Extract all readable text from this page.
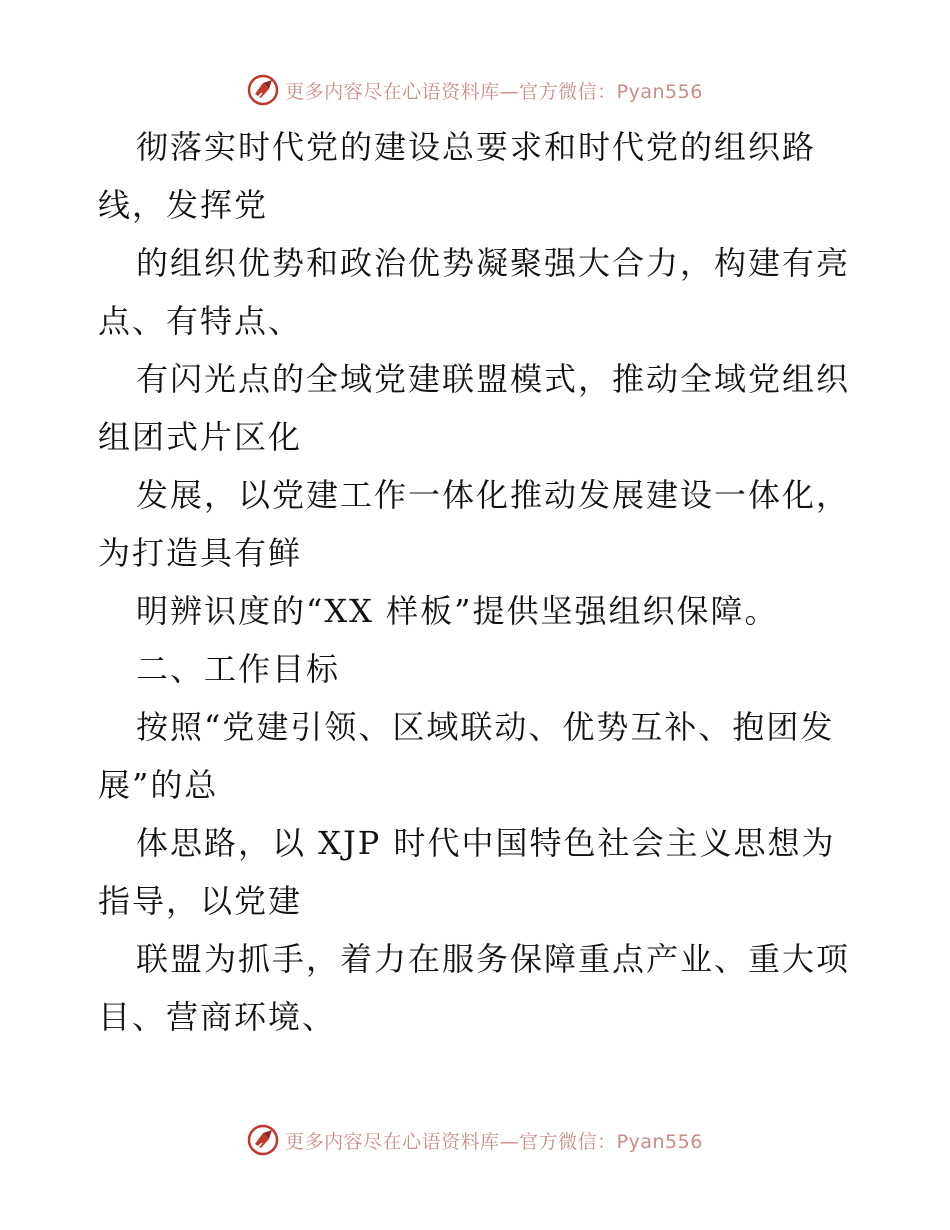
更多内容尽在心语资料库—官方微信：Pyan556
彻落实时代党的建设总要求和时代党的组织路
线，发挥党
的组织优势和政治优势凝聚强大合力，构建有亮
点、有特点、
有闪光点的全域党建联盟模式，推动全域党组织
组团式片区化
发展，以党建工作一体化推动发展建设一体化，
为打造具有鲜
明辨识度的“XX 样板”提供坚强组织保障。
二、工作目标
按照“党建引领、区域联动、优势互补、抱团发
展”的总
体思路，以 XJP 时代中国特色社会主义思想为
指导，以党建
联盟为抓手，着力在服务保障重点产业、重大项
目、营商环境、
更多内容尽在心语资料库—官方微信：Pyan556
